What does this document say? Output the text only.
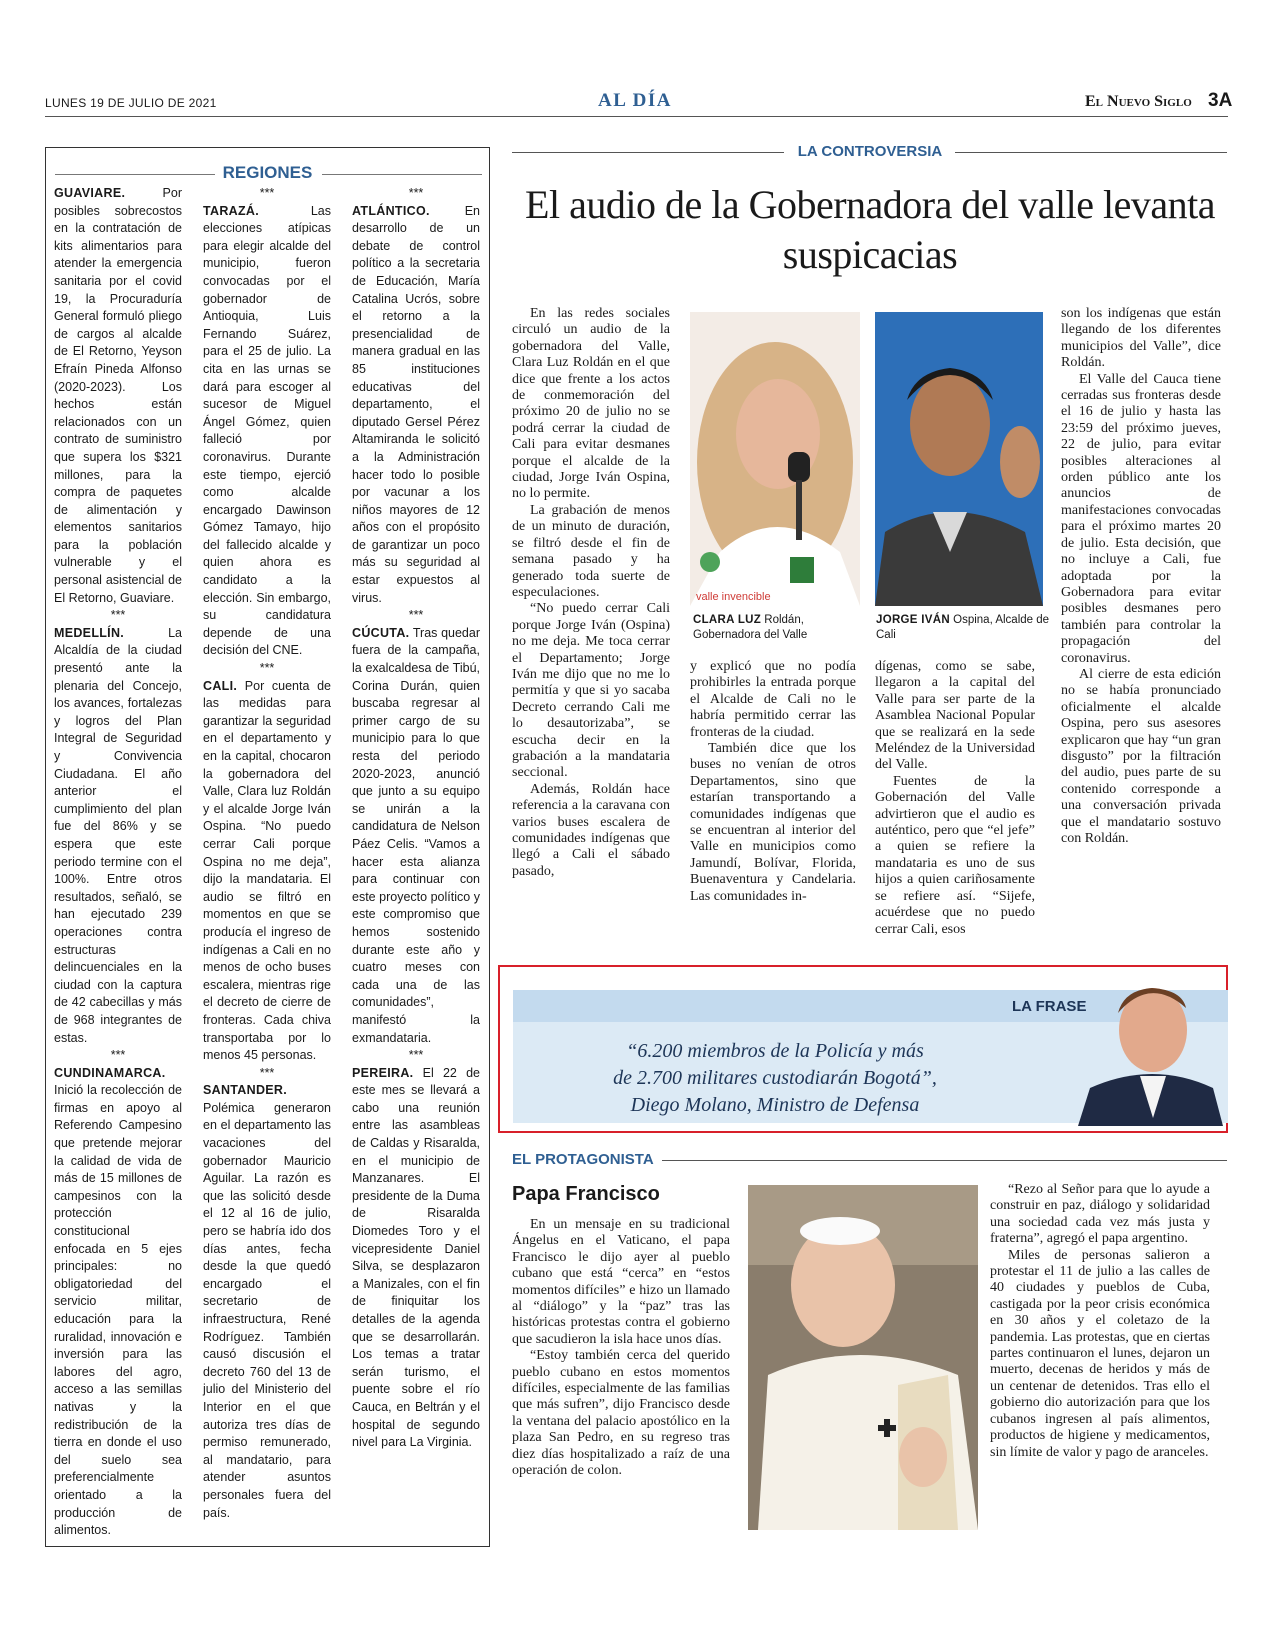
LUNES 19 DE JULIO DE 2021	AL DÍA	El Nuevo Siglo 3A
REGIONES

GUAVIARE.	Por posibles sobrecostos en la contratación de kits alimentarios para atender la emergencia sanitaria por el covid 19, la Procuraduría General formuló pliego de cargos al alcalde de El Retorno, Yeyson Efraín Pineda Alfonso (2020-2023). Los hechos están relacionados con un contrato de suministro que supera los $321 millones, para la compra de paquetes de alimentación y elementos sanitarios para la población vulnerable y el personal asistencial de El Retorno, Guaviare.

***

MEDELLÍN.	La Alcaldía de la ciudad presentó ante la plenaria del Concejo, los avances, fortalezas y logros del Plan Integral de Seguridad y Convivencia Ciudadana. El año anterior el cumplimiento del plan fue del 86% y se espera que este periodo termine con el 100%. Entre otros resultados, señaló, se han ejecutado 239 operaciones contra estructuras delincuenciales en la ciudad con la captura de 42 cabecillas y más de 968 integrantes de estas.

***

CUNDINAMARCA. Inició la recolección de firmas en apoyo al Referendo Campesino que pretende mejorar la calidad de vida de más de 15 millones de campesinos con la protección constitucional enfocada en 5 ejes principales: no obligatoriedad del servicio militar, educación para la ruralidad, innovación e inversión para las labores del agro, acceso a las semillas nativas y la redistribución de la tierra en donde el uso del suelo sea preferencialmente orientado a la producción de alimentos.

***

TARAZÁ.	Las elecciones atípicas para elegir alcalde del municipio, fueron convocadas por el gobernador de Antioquia, Luis Fernando Suárez, para el 25 de julio. La cita en las urnas se dará para escoger al sucesor de Miguel Ángel Gómez, quien falleció por coronavirus. Durante este tiempo, ejerció como alcalde encargado Dawinson Gómez Tamayo, hijo del fallecido alcalde y quien ahora es candidato a la elección. Sin embargo, su candidatura depende de una decisión del CNE.

***

CALI. Por cuenta de las medidas para garantizar la seguridad en el departamento y en la capital, chocaron la gobernadora del Valle, Clara luz Roldán y el alcalde Jorge Iván Ospina. “No puedo cerrar Cali porque Ospina no me deja”, dijo la mandataria. El audio se filtró en momentos en que se producía el ingreso de indígenas a Cali en no menos de ocho buses escalera, mientras rige el decreto de cierre de fronteras. Cada chiva transportaba por lo menos 45 personas.

***

SANTANDER. Polémica generaron en el departamento las vacaciones del gobernador Mauricio Aguilar. La razón es que las solicitó desde el 12 al 16 de julio, pero se habría ido dos días antes, fecha desde la que quedó encargado el secretario de infraestructura, René Rodríguez. También causó discusión el decreto 760 del 13 de julio del Ministerio del Interior en el que autoriza tres días de permiso remunerado, al mandatario, para atender asuntos personales fuera del país.

***

ATLÁNTICO.	En desarrollo de un debate de control político a la secretaria de Educación, María Catalina Ucrós, sobre el retorno a la presencialidad de manera gradual en las 85 instituciones educativas del departamento, el diputado Gersel Pérez Altamiranda le solicitó a la Administración hacer todo lo posible por vacunar a los niños mayores de 12 años con el propósito de garantizar un poco más su seguridad al estar expuestos al virus.

***

CÚCUTA. Tras quedar fuera de la campaña, la exalcaldesa de Tibú, Corina Durán, quien buscaba regresar al primer cargo de su municipio para lo que resta del periodo 2020-2023, anunció que junto a su equipo se unirán a la candidatura de Nelson Páez Celis. “Vamos a hacer esta alianza para continuar con este proyecto político y este compromiso que hemos sostenido durante este año y cuatro meses con cada una de las comunidades”, manifestó la exmandataria.

***

PEREIRA. El 22 de este mes se llevará a cabo una reunión entre las asambleas de Caldas y Risaralda, en el municipio de Manzanares. El presidente de la Duma de Risaralda Diomedes Toro y el vicepresidente Daniel Silva, se desplazaron a Manizales, con el fin de finiquitar los detalles de la agenda que se desarrollarán. Los temas a tratar serán turismo, el puente sobre el río Cauca, en Beltrán y el hospital de segundo nivel para La Virginia.

LA CONTROVERSIA
El audio de la Gobernadora del valle levanta suspicacias

En las redes sociales circuló un audio de la gobernadora del Valle, Clara Luz Roldán en el que dice que frente a los actos de conmemoración del próximo 20 de julio no se podrá cerrar la ciudad de Cali para evitar desmanes porque el alcalde de la ciudad, Jorge Iván Ospina, no lo permite.

La grabación de menos de un minuto de duración, se filtró desde el fin de semana pasado y ha generado toda suerte de especulaciones.

“No puedo cerrar Cali porque Jorge Iván (Ospina) no me deja. Me toca cerrar el Departamento; Jorge Iván me dijo que no me lo permitía y que si yo sacaba Decreto cerrando Cali me lo desautorizaba”, se escucha decir en la grabación a la mandataria seccional.

Además, Roldán hace referencia a la caravana con varios buses escalera de comunidades indígenas que llegó a Cali el sábado pasado,

valle invencible
CLARA LUZ Roldán, Gobernadora del Valle
JORGE IVÁN Ospina, Alcalde de Cali

y explicó que no podía prohibirles la entrada porque el Alcalde de Cali no le habría permitido cerrar las fronteras de la ciudad.

También dice que los buses no venían de otros Departamentos, sino que estarían transportando a comunidades indígenas que se encuentran al interior del Valle en municipios como Jamundí, Bolívar, Florida, Buenaventura y Candelaria. Las comunidades in-

dígenas, como se sabe, llegaron a la capital del Valle para ser parte de la Asamblea Nacional Popular que se realizará en la sede Meléndez de la Universidad del Valle.

Fuentes de la Gobernación del Valle advirtieron que el audio es auténtico, pero que “el jefe” a quien se refiere la mandataria es uno de sus hijos a quien cariñosamente se refiere así. “Sijefe, acuérdese que no puedo cerrar Cali, esos

son los indígenas que están llegando de los diferentes municipios del Valle”, dice Roldán.

El Valle del Cauca tiene cerradas sus fronteras desde el 16 de julio y hasta las 23:59 del próximo jueves, 22 de julio, para evitar posibles alteraciones al orden público ante los anuncios de manifestaciones convocadas para el próximo martes 20 de julio. Esta decisión, que no incluye a Cali, fue adoptada por la Gobernadora para evitar posibles desmanes pero también para controlar la propagación del coronavirus.

Al cierre de esta edición no se había pronunciado oficialmente el alcalde Ospina, pero sus asesores explicaron que hay “un gran disgusto” por la filtración del audio, pues parte de su contenido corresponde a una conversación privada que el mandatario sostuvo con Roldán.

LA FRASE
“6.200 miembros de la Policía y más
de 2.700 militares custodiarán Bogotá”,
Diego Molano, Ministro de Defensa
EL PROTAGONISTA
Papa Francisco

En un mensaje en su tradicional Ángelus en el Vaticano, el papa Francisco le dijo ayer al pueblo cubano que está “cerca” en “estos momentos difíciles” e hizo un llamado al “diálogo” y la “paz” tras las históricas protestas contra el gobierno que sacudieron la isla hace unos días.

“Estoy también cerca del querido pueblo cubano en estos momentos difíciles, especialmente de las familias que más sufren”, dijo Francisco desde la ventana del palacio apostólico en la plaza San Pedro, en su regreso tras diez días hospitalizado a raíz de una operación de colon.

“Rezo al Señor para que lo ayude a construir en paz, diálogo y solidaridad una sociedad cada vez más justa y fraterna”, agregó el papa argentino.

Miles de personas salieron a protestar el 11 de julio a las calles de 40 ciudades y pueblos de Cuba, castigada por la peor crisis económica en 30 años y el coletazo de la pandemia. Las protestas, que en ciertas partes continuaron el lunes, dejaron un muerto, decenas de heridos y más de un centenar de detenidos. Tras ello el gobierno dio autorización para que los cubanos ingresen al país alimentos, productos de higiene y medicamentos, sin límite de valor y pago de aranceles.
